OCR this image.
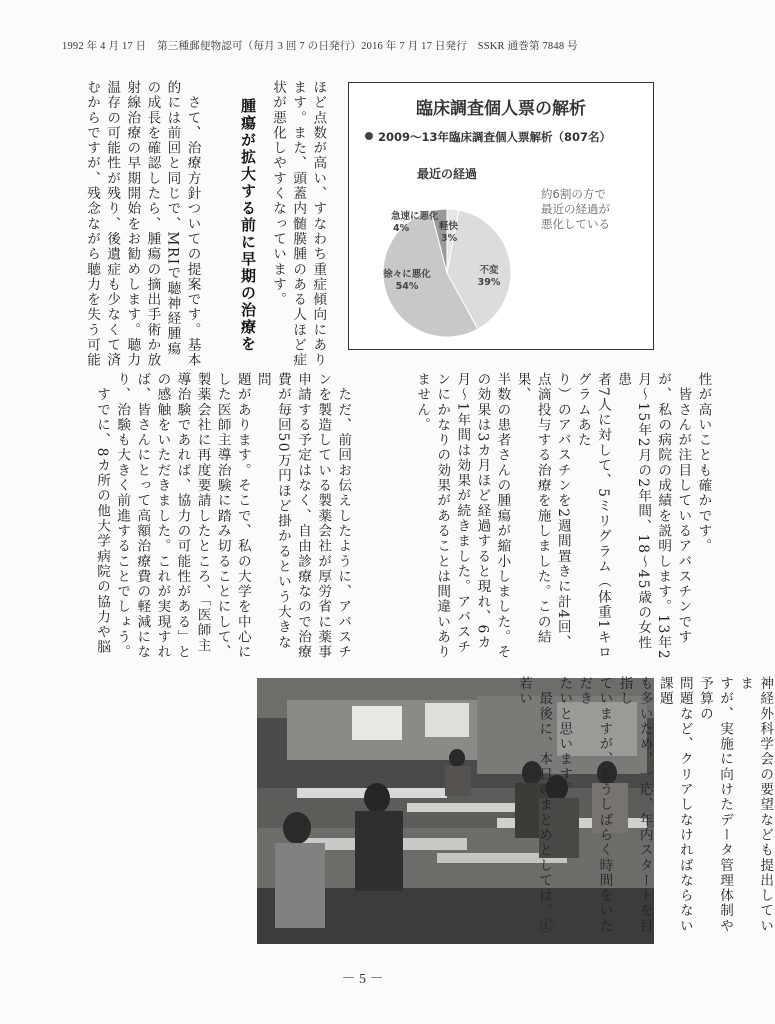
1992 年 4 月 17 日　第三種郵便物認可（毎月 3 回 7 の日発行）2016 年 7 月 17 日発行　SSKR 通巻第 7848 号
ほど点数が高い、すなわち重症傾向にあり
ます。また、頭蓋内髄膜腫のある人ほど症
状が悪化しやすくなっています。
腫瘍が拡大する前に早期の治療を
　さて、治療方針ついての提案です。基本
的には前回と同じで、MRIで聴神経腫瘍
の成長を確認したら、腫瘍の摘出手術か放
射線治療の早期開始をお勧めします。聴力
温存の可能性が残り、後遺症も少なくて済
むからですが、残念ながら聴力を失う可能	臨床調査個人票の解析
2009〜13年臨床調査個人票解析（807名）
最近の経過
約6割の方で
最近の経過が
悪化している
軽快
3%
不変
39%
徐々に悪化
54%
急速に悪化
4%
性が高いことも確かです。
　皆さんが注目しているアバスチンです
が、私の病院の成績を説明します。13年2
月〜15年2月の2年間、18〜45歳の女性患
者7人に対して、5ミリグラム（体重1キログラムあた
り）のアバスチンを2週間置きに計4回、
点滴投与する治療を施しました。この結果、
半数の患者さんの腫瘍が縮小しました。そ
の効果は3カ月ほど経過すると現れ、6カ
月〜1年間は効果が続きました。アバスチ
ンにかなりの効果があることは間違いあり
ません。
　ただ、前回お伝えしたように、アバスチ
ンを製造している製薬会社が厚労省に薬事
申請する予定はなく、自由診療なので治療
費が毎回50万円ほど掛かるという大きな問
題があります。そこで、私の大学を中心に
した医師主導治験に踏み切ることにして、
製薬会社に再度要請したところ、「医師主
導治験であれば、協力の可能性がある」と
の感触をいただきました。これが実現すれ
ば、皆さんにとって高額治療費の軽減にな
り、治験も大きく前進することでしょう。
　すでに、8カ所の他大学病院の協力や脳
神経外科学会の要望なども提出していま
すが、実施に向けたデータ管理体制や予算の
問題など、クリアしなければならない課題
も多いため、一応、年内スタートを目指し
ていますが、もうしばらく時間をいただき
たいと思います。
　最後に、本日のまとめとしては、①若い
－ 5 －
